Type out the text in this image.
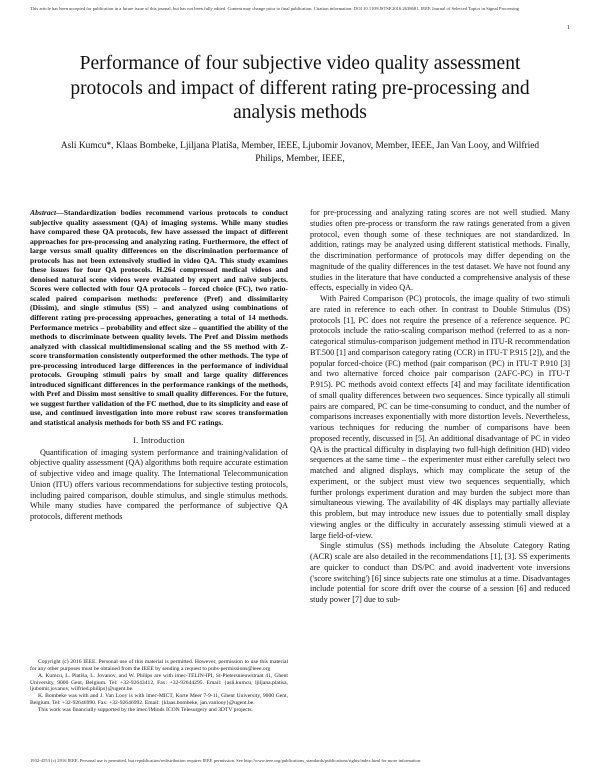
This article has been accepted for publication in a future issue of this journal, but has not been fully edited. Content may change prior to final publication. Citation information: DOI 10.1109/JSTSP.2016.2638681, IEEE Journal of Selected Topics in Signal Processing
1
Performance of four subjective video quality assessment protocols and impact of different rating pre-processing and analysis methods
Asli Kumcu*, Klaas Bombeke, Ljiljana Platiša, Member, IEEE, Ljubomir Jovanov, Member, IEEE, Jan Van Looy, and Wilfried Philips, Member, IEEE,

Abstract—Standardization bodies recommend various protocols to conduct subjective quality assessment (QA) of imaging systems. While many studies have compared these QA protocols, few have assessed the impact of different approaches for pre-processing and analyzing rating. Furthermore, the effect of large versus small quality differences on the discrimination performance of protocols has not been extensively studied in video QA. This study examines these issues for four QA protocols. H.264 compressed medical videos and denoised natural scene videos were evaluated by expert and naïve subjects. Scores were collected with four QA protocols – forced choice (FC), two ratio-scaled paired comparison methods: preference (Pref) and dissimilarity (Dissim), and single stimulus (SS) – and analyzed using combinations of different rating pre-processing approaches, generating a total of 14 methods. Performance metrics – probability and effect size – quantified the ability of the methods to discriminate between quality levels. The Pref and Dissim methods analyzed with classical multidimensional scaling and the SS method with Z-score transformation consistently outperformed the other methods. The type of pre-processing introduced large differences in the performance of individual protocols. Grouping stimuli pairs by small and large quality differences introduced significant differences in the performance rankings of the methods, with Pref and Dissim most sensitive to small quality differences. For the future, we suggest further validation of the FC method, due to its simplicity and ease of use, and continued investigation into more robust raw scores transformation and statistical analysis methods for both SS and FC ratings.

I. Introduction

Quantification of imaging system performance and training/validation of objective quality assessment (QA) algorithms both require accurate estimation of subjective video and image quality. The International Telecommunication Union (ITU) offers various recommendations for subjective testing protocols, including paired comparison, double stimulus, and single stimulus methods. While many studies have compared the performance of subjective QA protocols, different methods

Copyright (c) 2016 IEEE. Personal use of this material is permitted. However, permission to use this material for any other purposes must be obtained from the IEEE by sending a request to pubs-permissions@ieee.org

A. Kumcu, L. Platiša, L. Jovanov, and W. Philips are with imec-TELIN-IPI, St-Pietersnieuwstraat 41, Ghent University, 9000 Gent, Belgium. Tel: +32-92643412, Fax: +32-92644295. Email: {asli.kumcu, ljiljana.platisa, ljubomir.jovanov, wilfried.philips}@ugent.be.

K. Bombeke was with and J. Van Looy is with imec-MICT, Korte Meer 7-9-11, Ghent University, 9000 Gent, Belgium. Tel: +32-92646990. Fax: +32-92646992. Email: {klaas.bombeke, jan.vanlooy}@ugent.be.

This work was financially supported by the imec/iMinds ICON Telesurgery and 3DTV projects.

for pre-processing and analyzing rating scores are not well studied. Many studies often pre-process or transform the raw ratings generated from a given protocol, even though some of these techniques are not standardized. In addition, ratings may be analyzed using different statistical methods. Finally, the discrimination performance of protocols may differ depending on the magnitude of the quality differences in the test dataset. We have not found any studies in the literature that have conducted a comprehensive analysis of these effects, especially in video QA.

With Paired Comparison (PC) protocols, the image quality of two stimuli are rated in reference to each other. In contrast to Double Stimulus (DS) protocols [1], PC does not require the presence of a reference sequence. PC protocols include the ratio-scaling comparison method (referred to as a non-categorical stimulus-comparison judgement method in ITU-R recommendation BT.500 [1] and comparison category rating (CCR) in ITU-T P.915 [2]), and the popular forced-choice (FC) method (pair comparison (PC) in ITU-T P.910 [3] and two alternative forced choice pair comparison (2AFC-PC) in ITU-T P.915). PC methods avoid context effects [4] and may facilitate identification of small quality differences between two sequences. Since typically all stimuli pairs are compared, PC can be time-consuming to conduct, and the number of comparisons increases exponentially with more distortion levels. Nevertheless, various techniques for reducing the number of comparisons have been proposed recently, discussed in [5]. An additional disadvantage of PC in video QA is the practical difficulty in displaying two full-high definition (HD) video sequences at the same time – the experimenter must either carefully select two matched and aligned displays, which may complicate the setup of the experiment, or the subject must view two sequences sequentially, which further prolongs experiment duration and may burden the subject more than simultaneous viewing. The availability of 4K displays may partially alleviate this problem, but may introduce new issues due to potentially small display viewing angles or the difficulty in accurately assessing stimuli viewed at a large field-of-view.

Single stimulus (SS) methods including the Absolute Category Rating (ACR) scale are also detailed in the recommendations [1], [3]. SS experiments are quicker to conduct than DS/PC and avoid inadvertent vote inversions ('score switching') [6] since subjects rate one stimulus at a time. Disadvantages include potential for score drift over the course of a session [6] and reduced study power [7] due to sub-

1932-4553 (c) 2016 IEEE. Personal use is permitted, but republication/redistribution requires IEEE permission. See http://www.ieee.org/publications_standards/publications/rights/index.html for more information.
